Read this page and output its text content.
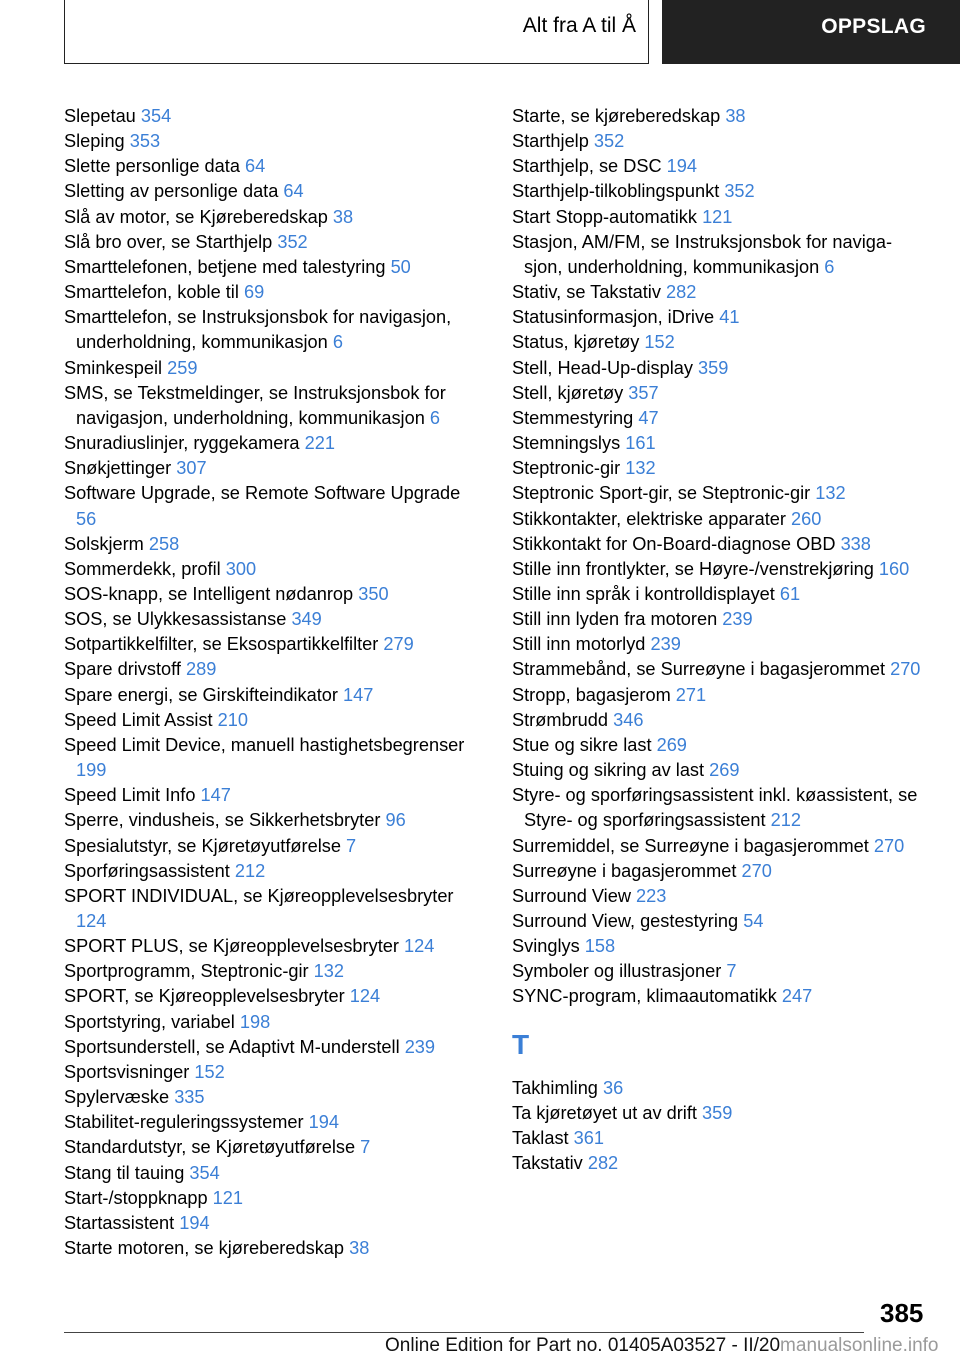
Alt fra A til Å	OPPSLAG
Slepetau 354
Sleping 353
Slette personlige data 64
Sletting av personlige data 64
Slå av motor, se Kjøreberedskap 38
Slå bro over, se Starthjelp 352
Smarttelefonen, betjene med talestyring 50
Smarttelefon, koble til 69
Smarttelefon, se Instruksjonsbok for navigasjon, underholdning, kommunikasjon 6
Sminkespeil 259
SMS, se Tekstmeldinger, se Instruksjonsbok for navigasjon, underholdning, kommunikasjon 6
Snuradiuslinjer, ryggekamera 221
Snøkjettinger 307
Software Upgrade, se Remote Software Upgrade 56
Solskjerm 258
Sommerdekk, profil 300
SOS-knapp, se Intelligent nødanrop 350
SOS, se Ulykkesassistanse 349
Sotpartikkelfilter, se Eksospartikkelfilter 279
Spare drivstoff 289
Spare energi, se Girskifteindikator 147
Speed Limit Assist 210
Speed Limit Device, manuell hastighetsbegrenser 199
Speed Limit Info 147
Sperre, vindusheis, se Sikkerhetsbryter 96
Spesialutstyr, se Kjøretøyutførelse 7
Sporføringsassistent 212
SPORT INDIVIDUAL, se Kjøreopplevelsesbryter 124
SPORT PLUS, se Kjøreopplevelsesbryter 124
Sportprogramm, Steptronic-gir 132
SPORT, se Kjøreopplevelsesbryter 124
Sportstyring, variabel 198
Sportsunderstell, se Adaptivt M-understell 239
Sportsvisninger 152
Spylervæske 335
Stabilitet-reguleringssystemer 194
Standardutstyr, se Kjøretøyutførelse 7
Stang til tauing 354
Start-/stoppknapp 121
Startassistent 194
Starte motoren, se kjøreberedskap 38
Starte, se kjøreberedskap 38
Starthjelp 352
Starthjelp, se DSC 194
Starthjelp-tilkoblingspunkt 352
Start Stopp-automatikk 121
Stasjon, AM/FM, se Instruksjonsbok for navigasjon, underholdning, kommunikasjon 6
Stativ, se Takstativ 282
Statusinformasjon, iDrive 41
Status, kjøretøy 152
Stell, Head-Up-display 359
Stell, kjøretøy 357
Stemmestyring 47
Stemningslys 161
Steptronic-gir 132
Steptronic Sport-gir, se Steptronic-gir 132
Stikkontakter, elektriske apparater 260
Stikkontakt for On-Board-diagnose OBD 338
Stille inn frontlykter, se Høyre-/venstrekjøring 160
Stille inn språk i kontrolldisplayet 61
Still inn lyden fra motoren 239
Still inn motorlyd 239
Strammebånd, se Surreøyne i bagasjerommet 270
Stropp, bagasjerom 271
Strømbrudd 346
Stue og sikre last 269
Stuing og sikring av last 269
Styre- og sporføringsassistent inkl. køassistent, se Styre- og sporføringsassistent 212
Surremiddel, se Surreøyne i bagasjerommet 270
Surreøyne i bagasjerommet 270
Surround View 223
Surround View, gestestyring 54
Svinglys 158
Symboler og illustrasjoner 7
SYNC-program, klimaautomatikk 247
T
Takhimling 36
Ta kjøretøyet ut av drift 359
Taklast 361
Takstativ 282
385
Online Edition for Part no. 01405A03527 - II/20manualsonline.info
